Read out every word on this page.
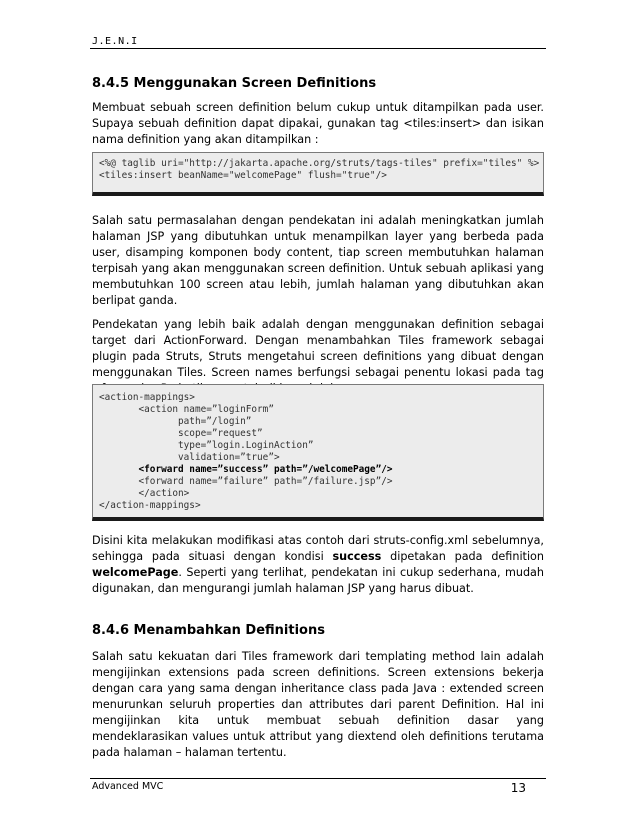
J.E.N.I
8.4.5 Menggunakan Screen Definitions

Membuat sebuah screen definition belum cukup untuk ditampilkan pada user. Supaya sebuah definition dapat dipakai, gunakan tag <tiles:insert> dan isikan nama definition yang akan ditampilkan :

<%@ taglib uri="http://jakarta.apache.org/struts/tags-tiles" prefix="tiles" %>
<tiles:insert beanName="welcomePage" flush="true"/>

Salah satu permasalahan dengan pendekatan ini adalah meningkatkan jumlah halaman JSP yang dibutuhkan untuk menampilkan layer yang berbeda pada user, disamping komponen body content, tiap screen membutuhkan halaman terpisah yang akan menggunakan screen definition. Untuk sebuah aplikasi yang membutuhkan 100 screen atau lebih, jumlah halaman yang dibutuhkan akan berlipat ganda.

Pendekatan yang lebih baik adalah dengan menggunakan definition sebagai target dari ActionForward. Dengan menambahkan Tiles framework sebagai plugin pada Struts, Struts mengetahui screen definitions yang dibuat dengan menggunakan Tiles. Screen names berfungsi sebagai penentu lokasi pada tag

<action-mappings>
<action name=”loginForm”
path=”/login”
scope=”request”
type=”login.LoginAction”
validation=”true”>
<forward name=”success” path=”/welcomePage”/>
<forward name=”failure” path=”/failure.jsp”/>
</action>
</action-mappings>

Disini kita melakukan modifikasi atas contoh dari struts-config.xml sebelumnya, sehingga pada situasi dengan kondisi success dipetakan pada definition welcomePage. Seperti yang terlihat, pendekatan ini cukup sederhana, mudah digunakan, dan mengurangi jumlah halaman JSP yang harus dibuat.

8.4.6 Menambahkan Definitions

Salah satu kekuatan dari Tiles framework dari templating method lain adalah mengijinkan extensions pada screen definitions. Screen extensions bekerja dengan cara yang sama dengan inheritance class pada Java : extended screen menurunkan seluruh properties dan attributes dari parent Definition. Hal ini mengijinkan kita untuk membuat sebuah definition dasar yang mendeklarasikan values untuk attribut yang diextend oleh definitions terutama pada halaman – halaman tertentu.

Advanced MVC	13
